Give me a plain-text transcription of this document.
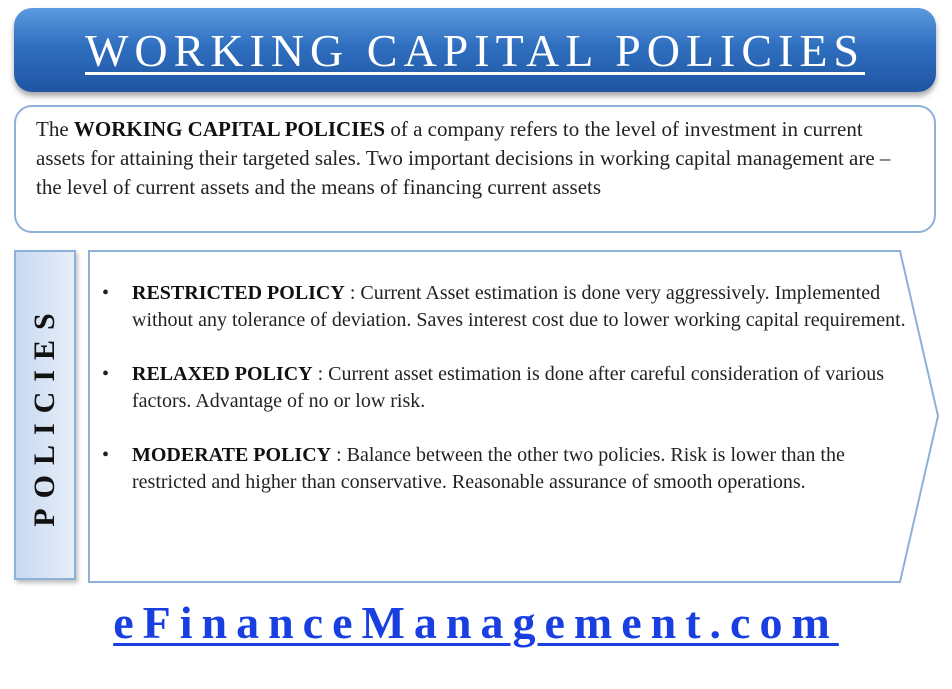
WORKING CAPITAL POLICIES
The WORKING CAPITAL POLICIES of a company refers to the level of investment in current assets for attaining their targeted sales. Two important decisions in working capital management are – the level of current assets and the means of financing current assets
POLICIES
• RESTRICTED POLICY : Current Asset estimation is done very aggressively. Implemented without any tolerance of deviation. Saves interest cost due to lower working capital requirement.
• RELAXED POLICY : Current asset estimation is done after careful consideration of various factors. Advantage of no or low risk.
• MODERATE POLICY : Balance between the other two policies. Risk is lower than the restricted and higher than conservative. Reasonable assurance of smooth operations.
eFinanceManagement.com
